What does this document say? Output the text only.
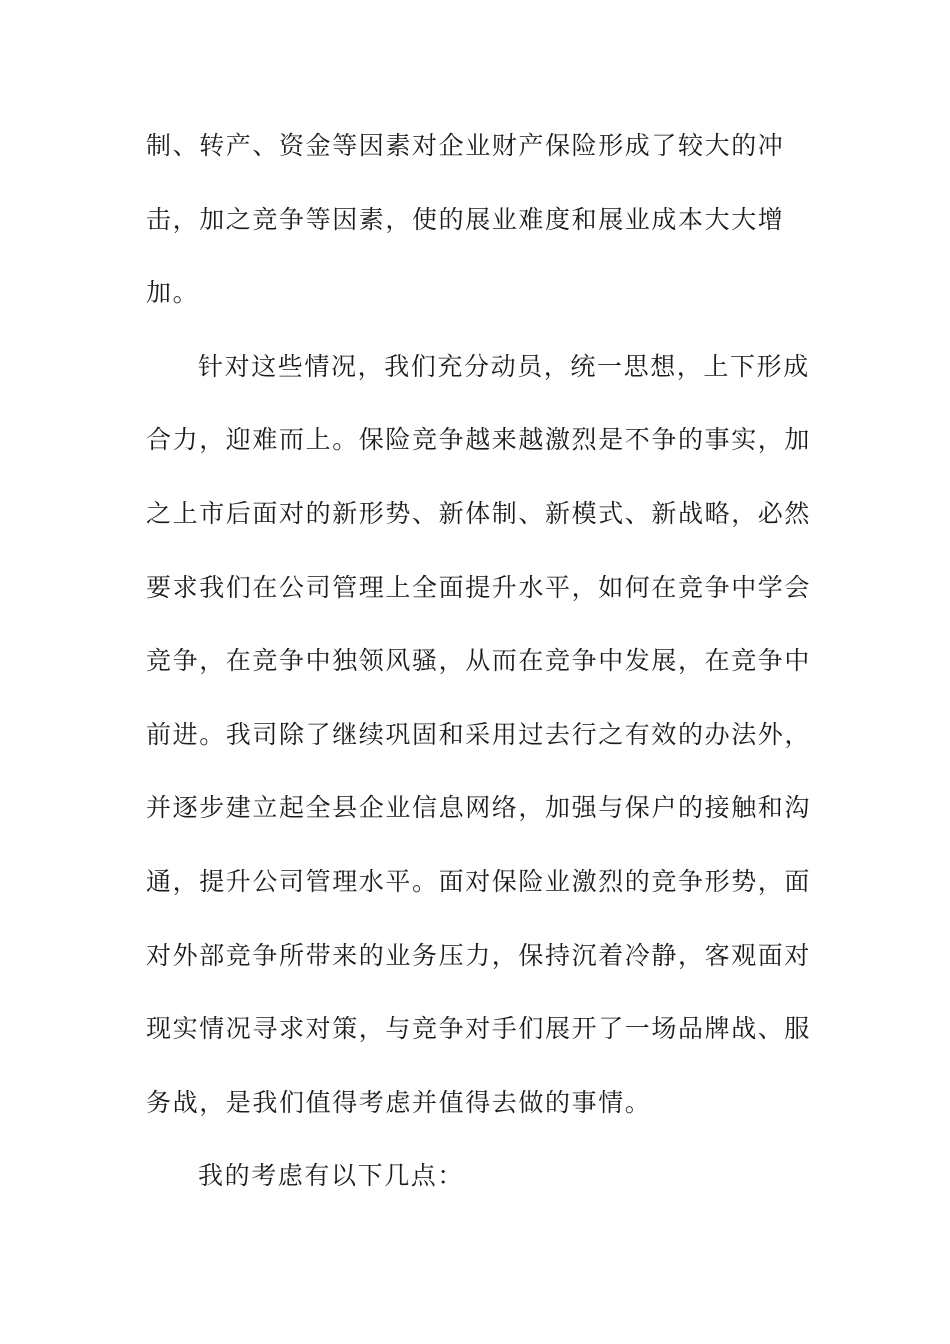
制、转产、资金等因素对企业财产保险形成了较大的冲
击，加之竞争等因素，使的展业难度和展业成本大大增
加。
针对这些情况，我们充分动员，统一思想，上下形成
合力，迎难而上。保险竞争越来越激烈是不争的事实，加
之上市后面对的新形势、新体制、新模式、新战略，必然
要求我们在公司管理上全面提升水平，如何在竞争中学会
竞争，在竞争中独领风骚，从而在竞争中发展，在竞争中
前进。我司除了继续巩固和采用过去行之有效的办法外，
并逐步建立起全县企业信息网络，加强与保户的接触和沟
通，提升公司管理水平。面对保险业激烈的竞争形势，面
对外部竞争所带来的业务压力，保持沉着冷静，客观面对
现实情况寻求对策，与竞争对手们展开了一场品牌战、服
务战，是我们值得考虑并值得去做的事情。
我的考虑有以下几点：
